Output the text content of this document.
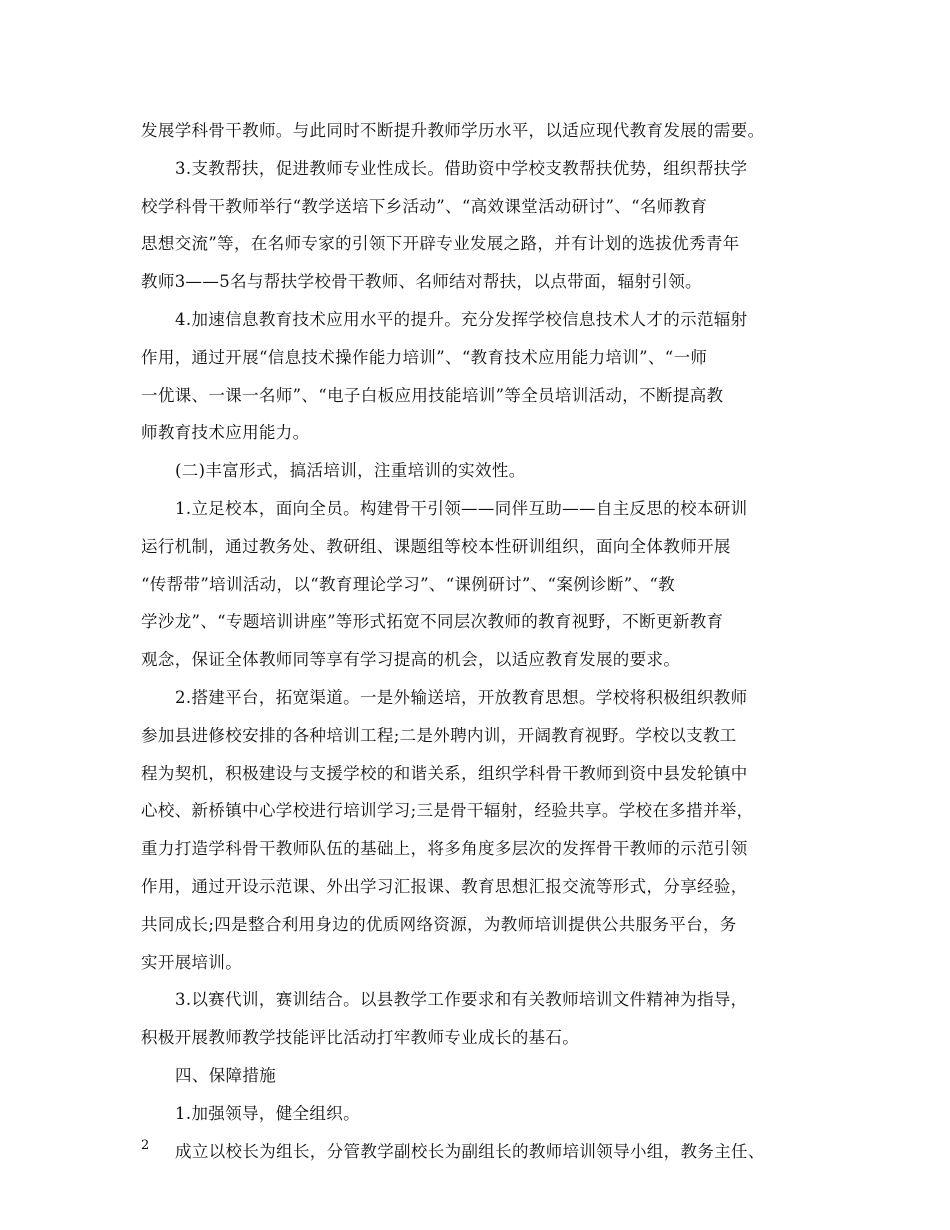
发展学科骨干教师。与此同时不断提升教师学历水平，以适应现代教育发展的需要。
3.支教帮扶，促进教师专业性成长。借助资中学校支教帮扶优势，组织帮扶学
校学科骨干教师举行“教学送培下乡活动”、“高效课堂活动研讨”、“名师教育
思想交流”等，在名师专家的引领下开辟专业发展之路，并有计划的选拔优秀青年
教师3——5名与帮扶学校骨干教师、名师结对帮扶，以点带面，辐射引领。
4.加速信息教育技术应用水平的提升。充分发挥学校信息技术人才的示范辐射
作用，通过开展“信息技术操作能力培训”、“教育技术应用能力培训”、“一师
一优课、一课一名师”、“电子白板应用技能培训”等全员培训活动，不断提高教
师教育技术应用能力。
(二)丰富形式，搞活培训，注重培训的实效性。
1.立足校本，面向全员。构建骨干引领——同伴互助——自主反思的校本研训
运行机制，通过教务处、教研组、课题组等校本性研训组织，面向全体教师开展
“传帮带”培训活动，以“教育理论学习”、“课例研讨”、“案例诊断”、“教
学沙龙”、“专题培训讲座”等形式拓宽不同层次教师的教育视野，不断更新教育
观念，保证全体教师同等享有学习提高的机会，以适应教育发展的要求。
2.搭建平台，拓宽渠道。一是外输送培，开放教育思想。学校将积极组织教师
参加县进修校安排的各种培训工程;二是外聘内训，开阔教育视野。学校以支教工
程为契机，积极建设与支援学校的和谐关系，组织学科骨干教师到资中县发轮镇中
心校、新桥镇中心学校进行培训学习;三是骨干辐射，经验共享。学校在多措并举，
重力打造学科骨干教师队伍的基础上，将多角度多层次的发挥骨干教师的示范引领
作用，通过开设示范课、外出学习汇报课、教育思想汇报交流等形式，分享经验，
共同成长;四是整合利用身边的优质网络资源，为教师培训提供公共服务平台，务
实开展培训。
3.以赛代训，赛训结合。以县教学工作要求和有关教师培训文件精神为指导，
积极开展教师教学技能评比活动打牢教师专业成长的基石。
四、保障措施
1.加强领导，健全组织。
成立以校长为组长，分管教学副校长为副组长的教师培训领导小组，教务主任、
2
